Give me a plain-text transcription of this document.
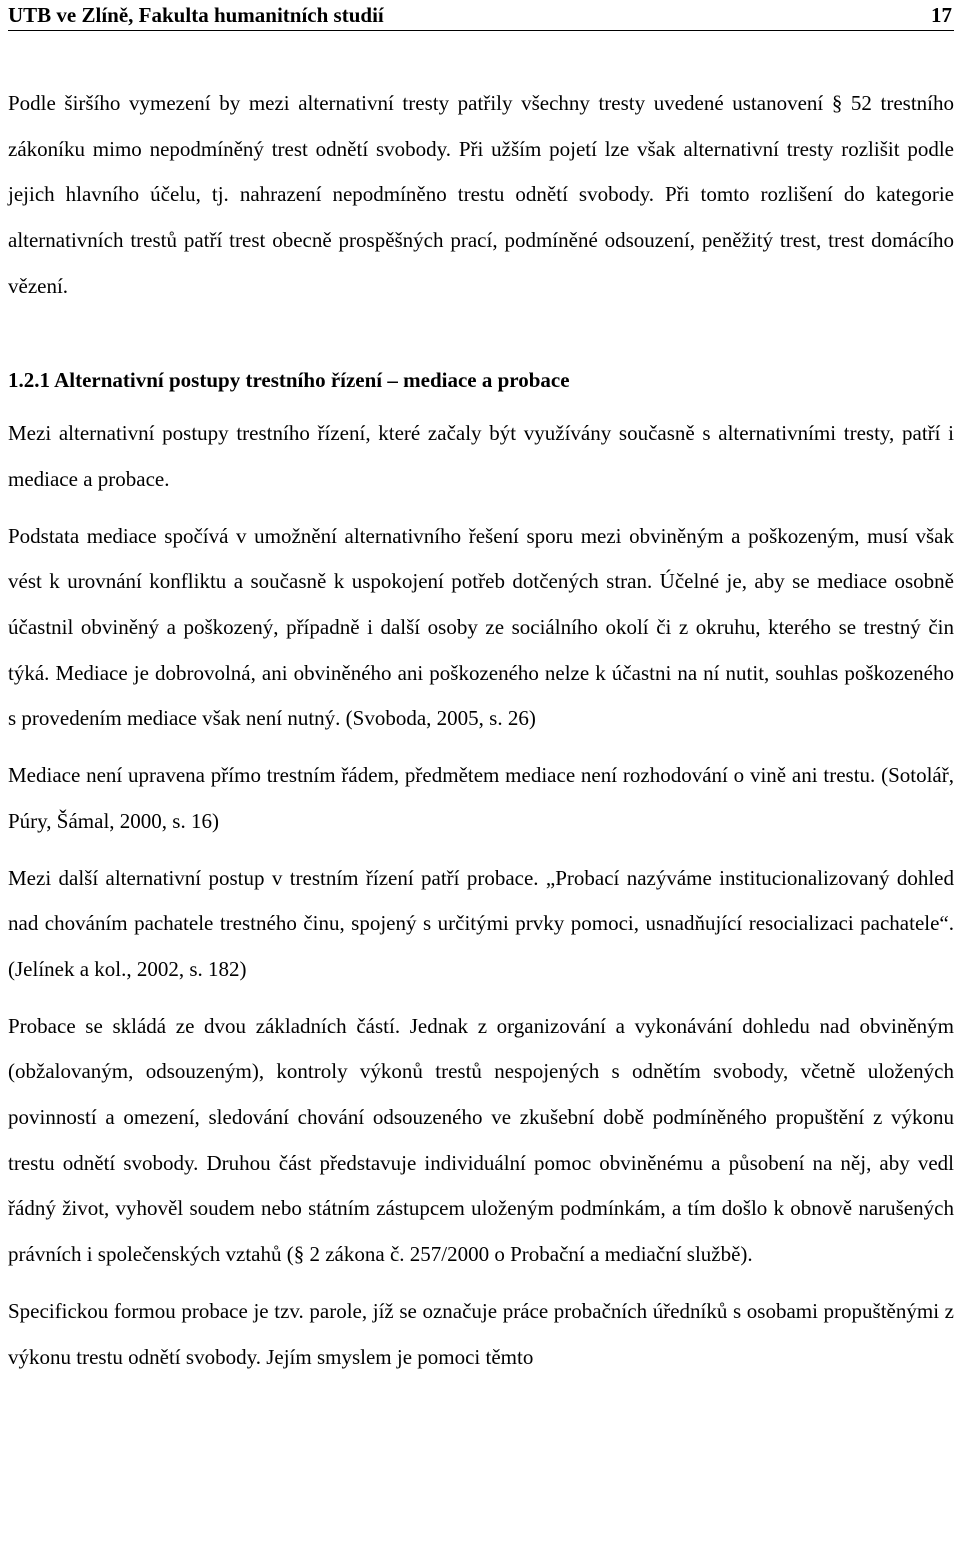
UTB ve Zlíně, Fakulta humanitních studií	17

Podle širšího vymezení by mezi alternativní tresty patřily všechny tresty uvedené ustanovení § 52 trestního zákoníku mimo nepodmíněný trest odnětí svobody. Při užším pojetí lze však alternativní tresty rozlišit podle jejich hlavního účelu, tj. nahrazení nepodmíněno trestu odnětí svobody. Při tomto rozlišení do kategorie alternativních trestů patří trest obecně prospěšných prací, podmíněné odsouzení, peněžitý trest, trest domácího vězení.

1.2.1 Alternativní postupy trestního řízení – mediace a probace

Mezi alternativní postupy trestního řízení, které začaly být využívány současně s alternativními tresty, patří i mediace a probace.

Podstata mediace spočívá v umožnění alternativního řešení sporu mezi obviněným a poškozeným, musí však vést k urovnání konfliktu a současně k uspokojení potřeb dotčených stran. Účelné je, aby se mediace osobně účastnil obviněný a poškozený, případně i další osoby ze sociálního okolí či z okruhu, kterého se trestný čin týká. Mediace je dobrovolná, ani obviněného ani poškozeného nelze k účastni na ní nutit, souhlas poškozeného s provedením mediace však není nutný. (Svoboda, 2005, s. 26)

Mediace není upravena přímo trestním řádem, předmětem mediace není rozhodování o vině ani trestu. (Sotolář, Púry, Šámal, 2000, s. 16)

Mezi další alternativní postup v trestním řízení patří probace. „Probací nazýváme institucionalizovaný dohled nad chováním pachatele trestného činu, spojený s určitými prvky pomoci, usnadňující resocializaci pachatele“. (Jelínek a kol., 2002, s. 182)

Probace se skládá ze dvou základních částí. Jednak z organizování a vykonávání dohledu nad obviněným (obžalovaným, odsouzeným), kontroly výkonů trestů nespojených s odnětím svobody, včetně uložených povinností a omezení, sledování chování odsouzeného ve zkušební době podmíněného propuštění z výkonu trestu odnětí svobody. Druhou část představuje individuální pomoc obviněnému a působení na něj, aby vedl řádný život, vyhověl soudem nebo státním zástupcem uloženým podmínkám, a tím došlo k obnově narušených právních i společenských vztahů (§ 2 zákona č. 257/2000 o Probační a mediační službě).

Specifickou formou probace je tzv. parole, jíž se označuje práce probačních úředníků s osobami propuštěnými z výkonu trestu odnětí svobody. Jejím smyslem je pomoci těmto
